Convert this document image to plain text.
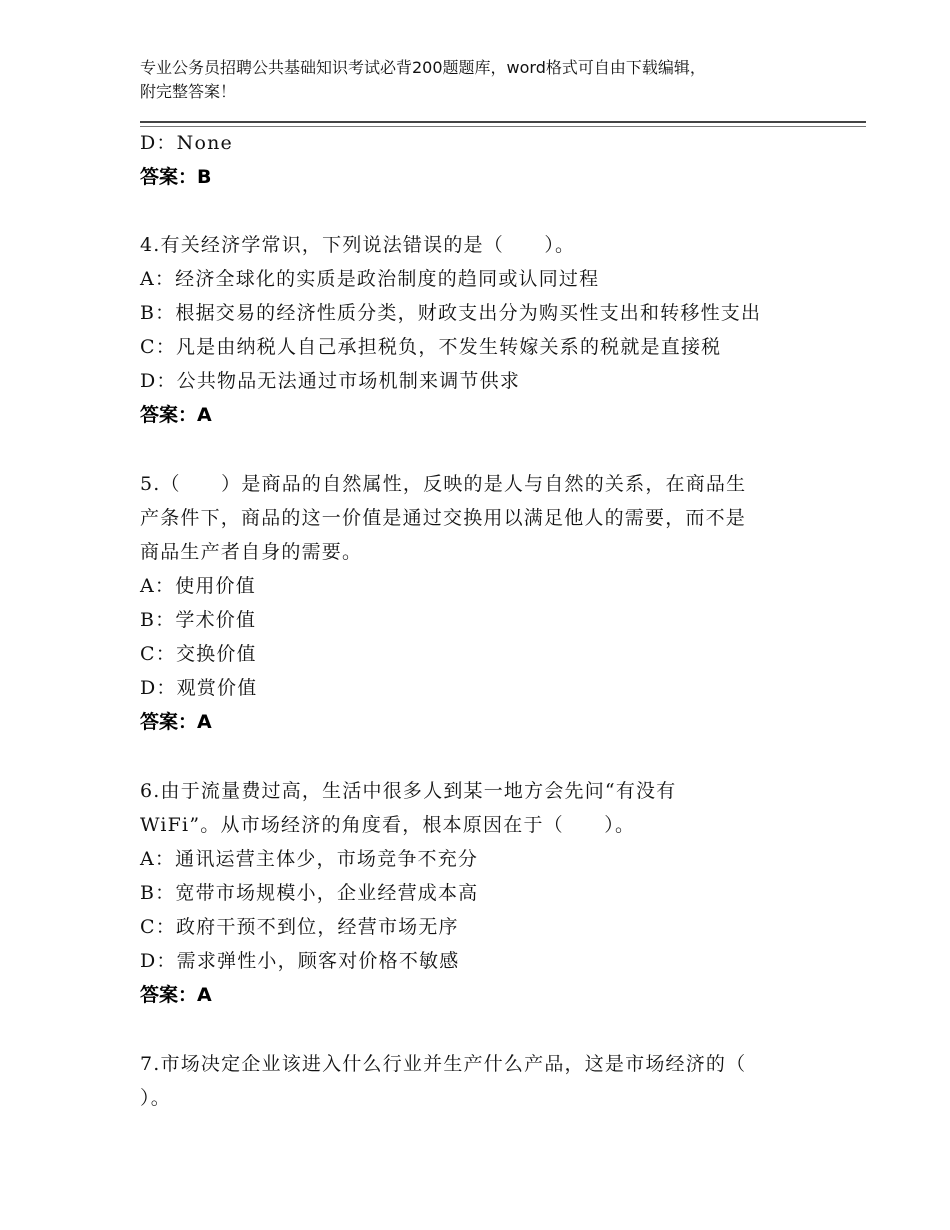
专业公务员招聘公共基础知识考试必背200题题库，word格式可自由下载编辑，
附完整答案！
D：None
答案：B
4.有关经济学常识，下列说法错误的是（　　）。
A：经济全球化的实质是政治制度的趋同或认同过程
B：根据交易的经济性质分类，财政支出分为购买性支出和转移性支出
C：凡是由纳税人自己承担税负，不发生转嫁关系的税就是直接税
D：公共物品无法通过市场机制来调节供求
答案：A
5.（　　）是商品的自然属性，反映的是人与自然的关系，在商品生
产条件下，商品的这一价值是通过交换用以满足他人的需要，而不是
商品生产者自身的需要。
A：使用价值
B：学术价值
C：交换价值
D：观赏价值
答案：A
6.由于流量费过高，生活中很多人到某一地方会先问“有没有
WiFi”。从市场经济的角度看，根本原因在于（　　）。
A：通讯运营主体少，市场竞争不充分
B：宽带市场规模小，企业经营成本高
C：政府干预不到位，经营市场无序
D：需求弹性小，顾客对价格不敏感
答案：A
7.市场决定企业该进入什么行业并生产什么产品，这是市场经济的（
）。
